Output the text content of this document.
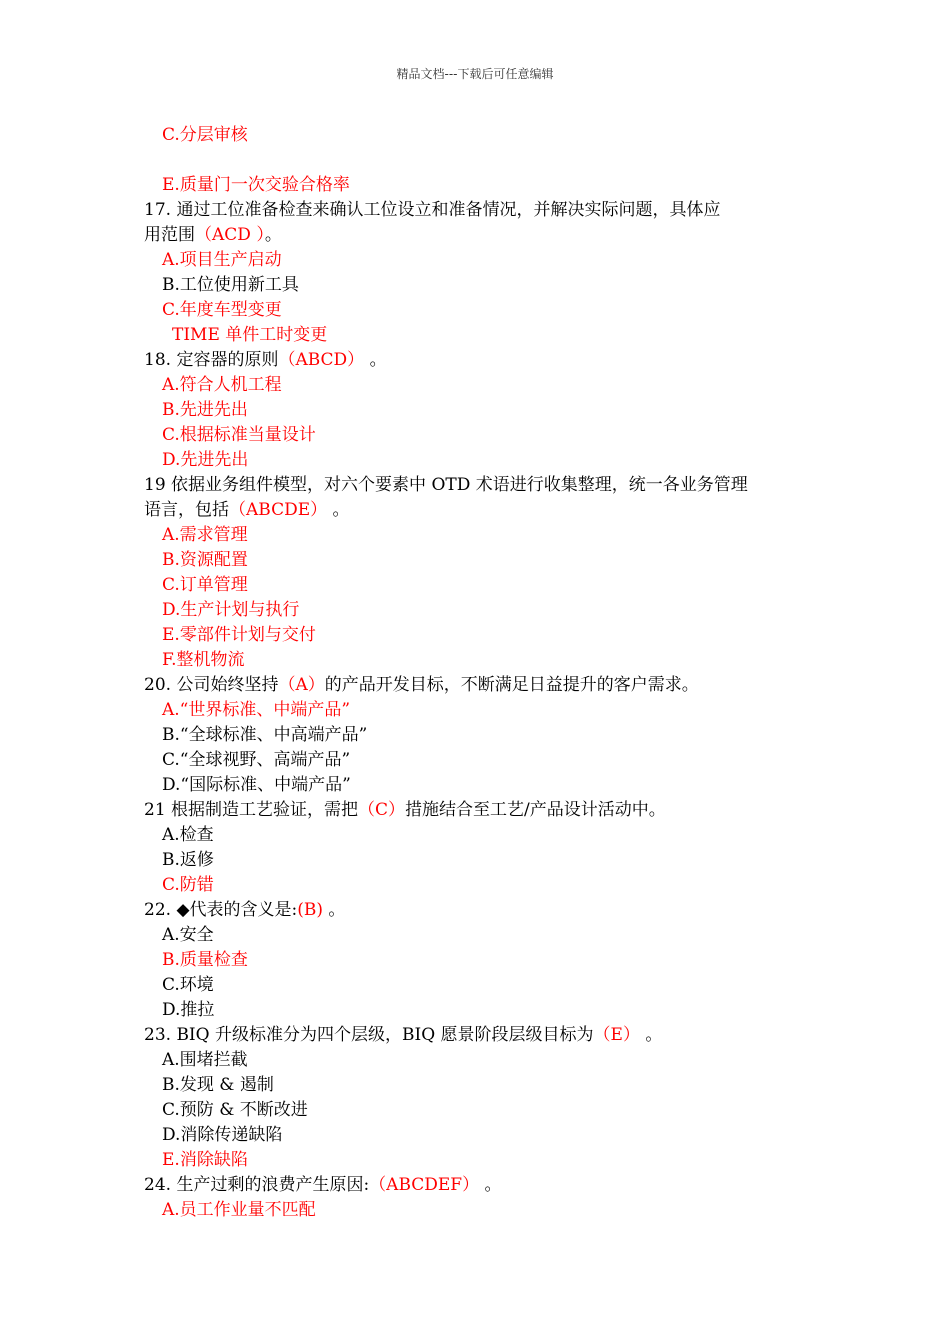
精品文档---下载后可任意编辑
C.分层审核
E.质量门一次交验合格率
17. 通过工位准备检查来确认工位设立和准备情况，并解决实际问题，具体应
用范围（ACD ）。
A.项目生产启动
B.工位使用新工具
C.年度车型变更
TIME 单件工时变更
18. 定容器的原则（ABCD） 。
A.符合人机工程
B.先进先出
C.根据标准当量设计
D.先进先出
19 依据业务组件模型，对六个要素中 OTD 术语进行收集整理，统一各业务管理
语言，包括（ABCDE） 。
A.需求管理
B.资源配置
C.订单管理
D.生产计划与执行
E.零部件计划与交付
F.整机物流
20. 公司始终坚持（A）的产品开发目标，不断满足日益提升的客户需求。
A.“世界标准、中端产品”
B.“全球标准、中高端产品”
C.“全球视野、高端产品”
D.“国际标准、中端产品”
21 根据制造工艺验证，需把（C）措施结合至工艺/产品设计活动中。
A.检查
B.返修
C.防错
22. ◆代表的含义是:(B) 。
A.安全
B.质量检查
C.环境
D.推拉
23. BIQ 升级标准分为四个层级，BIQ 愿景阶段层级目标为（E） 。
A.围堵拦截
B.发现 & 遏制
C.预防 & 不断改进
D.消除传递缺陷
E.消除缺陷
24. 生产过剩的浪费产生原因:（ABCDEF） 。
A.员工作业量不匹配
